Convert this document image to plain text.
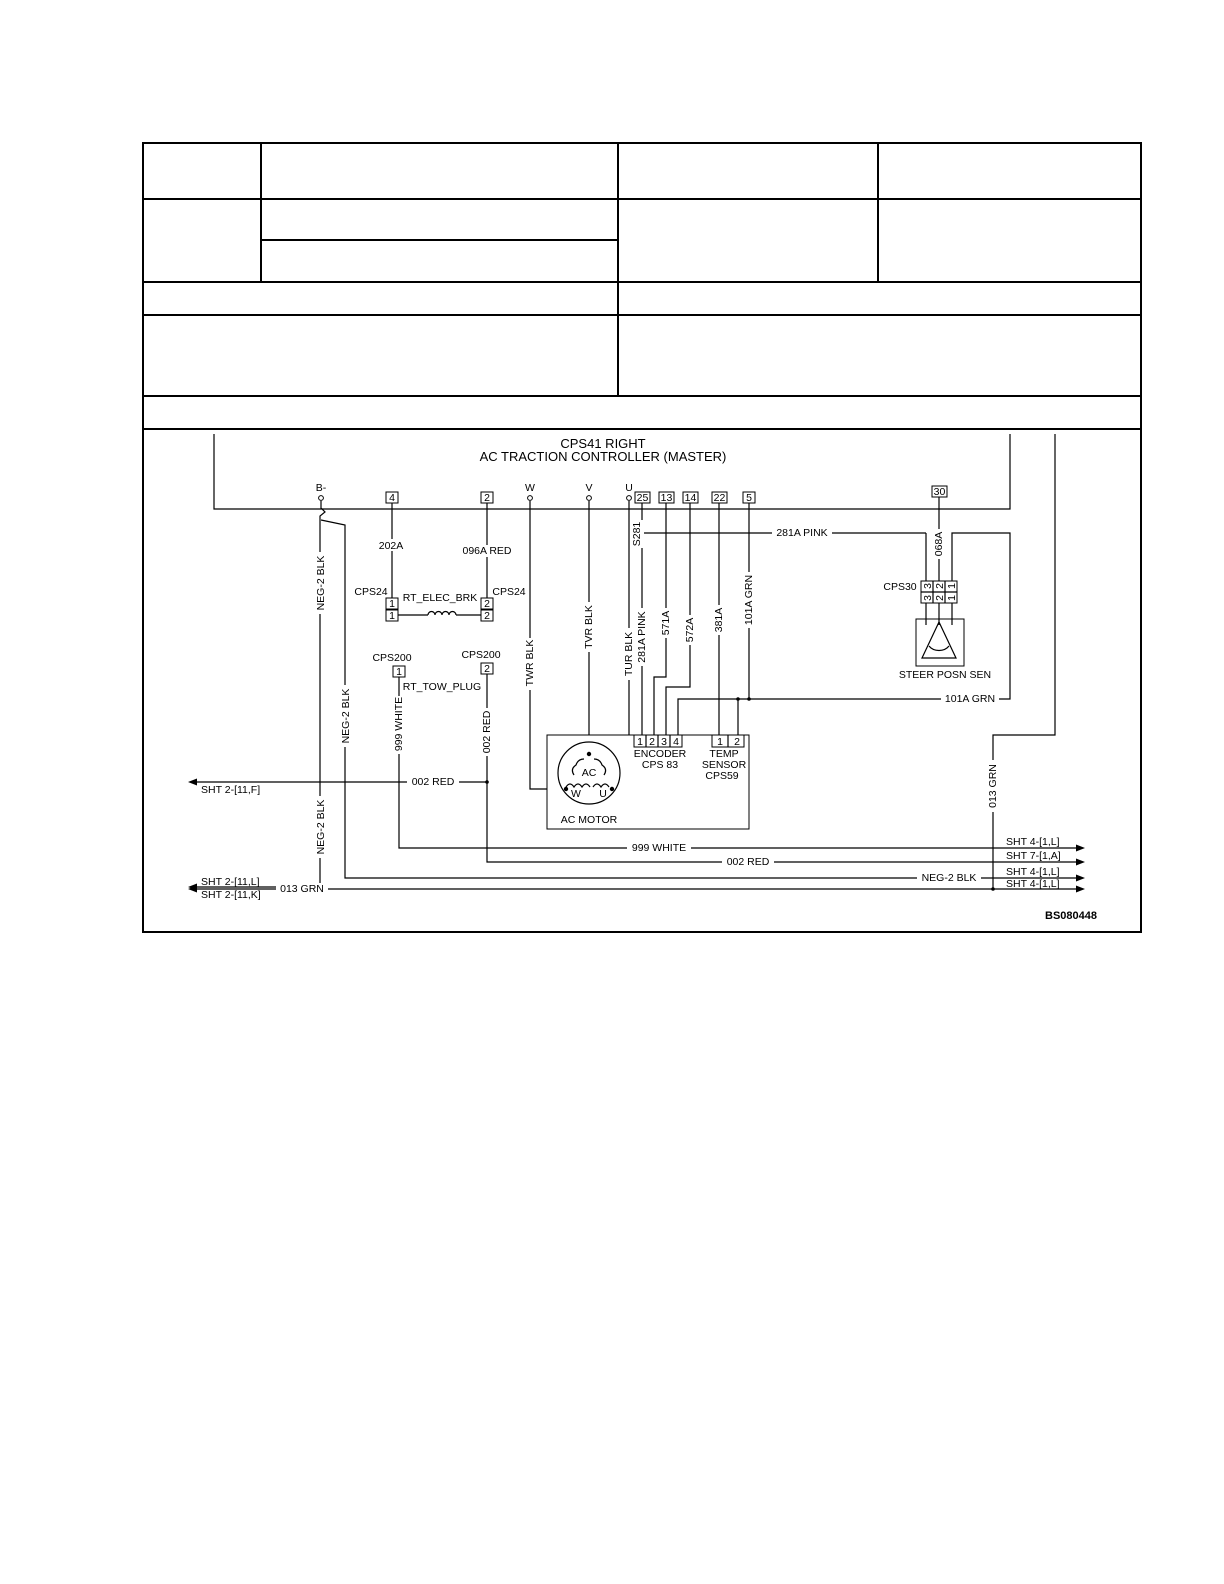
CPS41 RIGHT
AC TRACTION CONTROLLER (MASTER)
B-
4	2
W	V	U
25 13 14 22 5	30
NEG-2 BLK
NEG-2 BLK
NEG-2 BLK
NEG-2 BLK
202A	096A RED
CPS24	CPS24
RT_ELEC_BRK
1
1
2
2
CPS200	CPS200
1	2
RT_TOW_PLUG
999 WHITE	002 RED
002 RED
999 WHITE
002 RED
013 GRN
013 GRN
SHT 2-[11,F]
SHT 2-[11,L]
SHT 2-[11,K]
SHT 4-[1,L]
SHT 7-[1,A]
SHT 4-[1,L]
SHT 4-[1,L]
TWR BLK
TVR BLK
TUR BLK
S281	281A PINK
281A PINK 571A 572A 381A 101A GRN
101A GRN
068A
AC
W U
AC MOTOR
1 2 3 4
ENCODER
CPS 83
1 2
TEMP
SENSOR
CPS59
CPS30 3
3
2
2
1
1
STEER POSN SEN
BS080448
